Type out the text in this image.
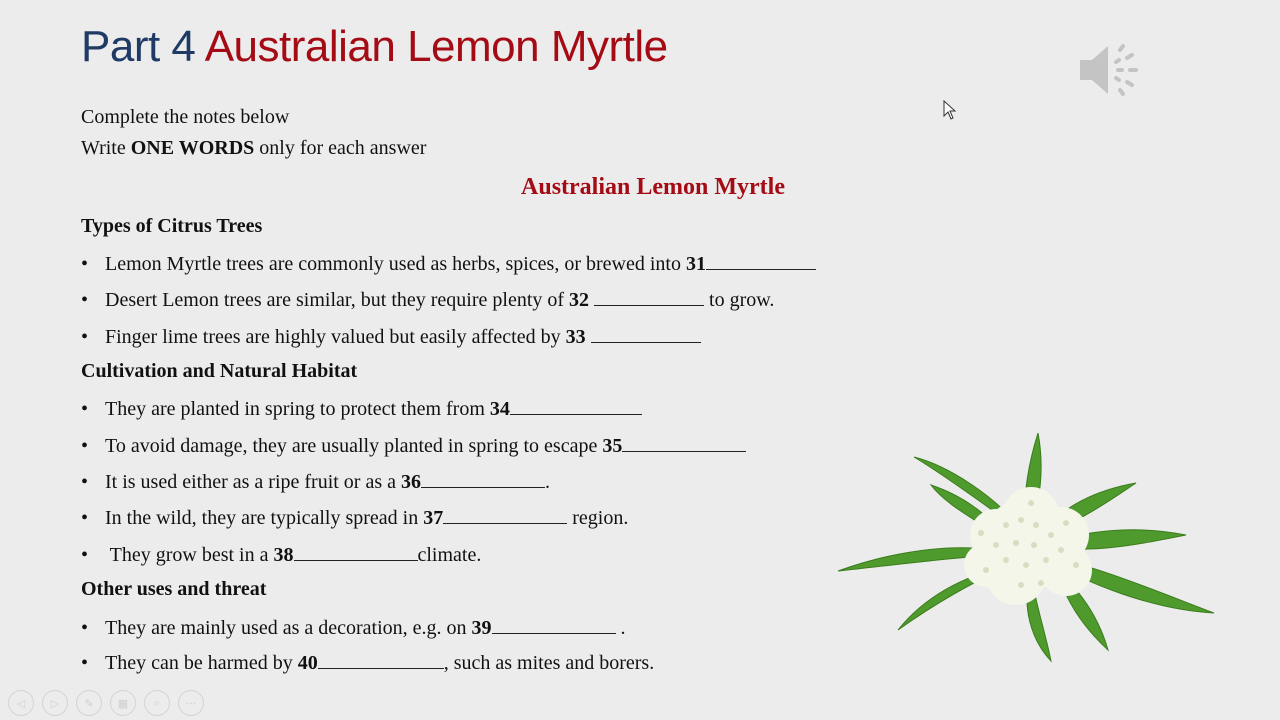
Part 4 Australian Lemon Myrtle
Complete the notes below
Write ONE WORDS only for each answer
Australian Lemon Myrtle
Types of Citrus Trees
• Lemon Myrtle trees are commonly used as herbs, spices, or brewed into 31
• Desert Lemon trees are similar, but they require plenty of 32	to grow.
• Finger lime trees are highly valued but easily affected by 33
Cultivation and Natural Habitat
• They are planted in spring to protect them from 34
• To avoid damage, they are usually planted in spring to escape 35
• It is used either as a ripe fruit or as a 36	.
• In the wild, they are typically spread in 37	region.
• They grow best in a 38	climate.
Other uses and threat
• They are mainly used as a decoration, e.g. on 39	.
• They can be harmed by 40	, such as mites and borers.
◁	▷	✎	▦	⌕	···
